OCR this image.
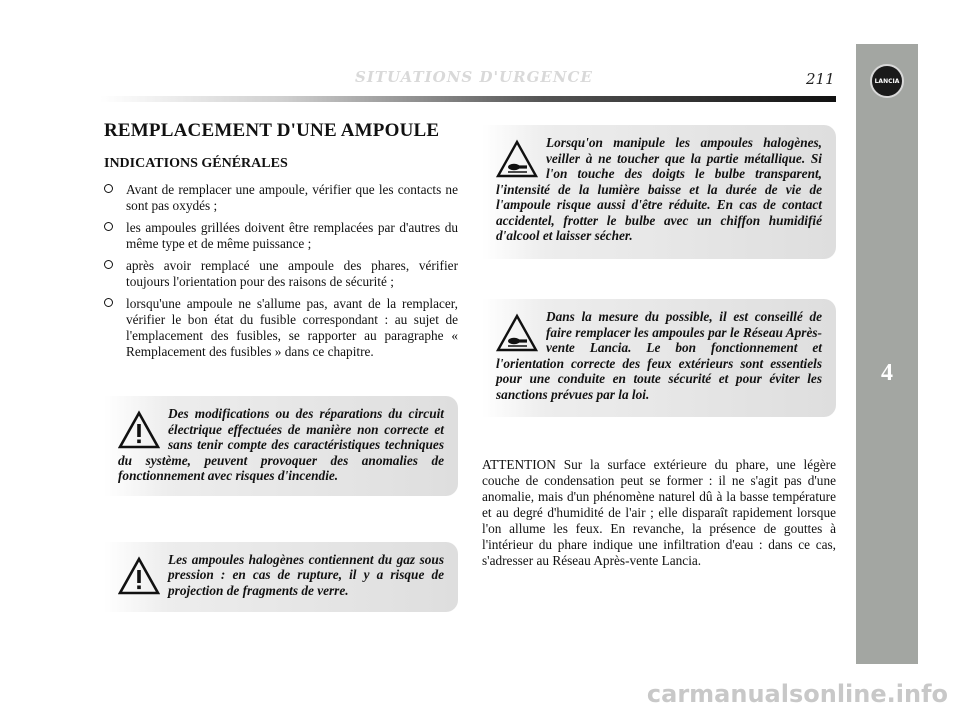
SITUATIONS D'URGENCE	211	LANCIA
4
REMPLACEMENT D'UNE AMPOULE
INDICATIONS GÉNÉRALES
Avant de remplacer une ampoule, vérifier que les contacts ne sont pas oxydés ;
les ampoules grillées doivent être remplacées par d'autres du même type et de même puissance ;
après avoir remplacé une ampoule des phares, vérifier toujours l'orientation pour des raisons de sécurité ;
lorsqu'une ampoule ne s'allume pas, avant de la remplacer, vérifier le bon état du fusible correspondant : au sujet de l'emplacement des fusibles, se rapporter au paragraphe « Remplacement des fusibles » dans ce chapitre.
Des modifications ou des réparations du circuit électrique effectuées de manière non correcte et sans tenir compte des caractéristiques techniques du système, peuvent provoquer des anomalies de fonctionnement avec risques d'incendie.
Les ampoules halogènes contiennent du gaz sous pression : en cas de rupture, il y a risque de projection de fragments de verre.
Lorsqu'on manipule les ampoules halogènes, veiller à ne toucher que la partie métallique. Si l'on touche des doigts le bulbe transparent, l'intensité de la lumière baisse et la durée de vie de l'ampoule risque aussi d'être réduite. En cas de contact accidentel, frotter le bulbe avec un chiffon humidifié d'alcool et laisser sécher.
Dans la mesure du possible, il est conseillé de faire remplacer les ampoules par le Réseau Après-vente Lancia. Le bon fonctionnement et l'orientation correcte des feux extérieurs sont essentiels pour une conduite en toute sécurité et pour éviter les sanctions prévues par la loi.

ATTENTION Sur la surface extérieure du phare, une légère couche de condensation peut se former : il ne s'agit pas d'une anomalie, mais d'un phénomène naturel dû à la basse température et au degré d'humidité de l'air ; elle disparaît rapidement lorsque l'on allume les feux. En revanche, la présence de gouttes à l'intérieur du phare indique une infiltration d'eau : dans ce cas, s'adresser au Réseau Après-vente Lancia.

carmanualsonline.info
